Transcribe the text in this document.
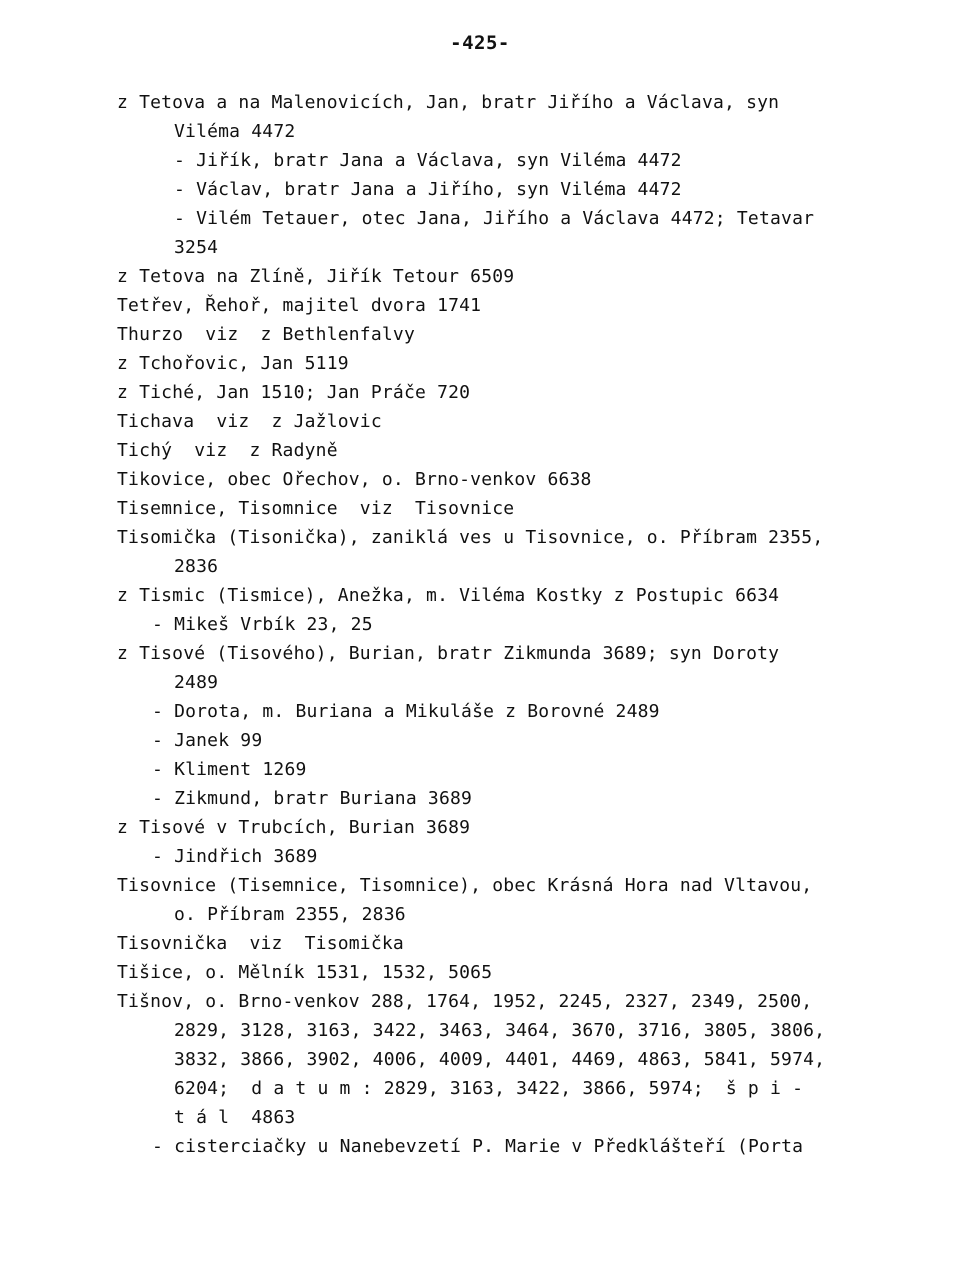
-425-
z Tetova a na Malenovicích, Jan, bratr Jiřího a Václava, syn
Viléma 4472
- Jiřík, bratr Jana a Václava, syn Viléma 4472
- Václav, bratr Jana a Jiřího, syn Viléma 4472
- Vilém Tetauer, otec Jana, Jiřího a Václava 4472; Tetavar
3254
z Tetova na Zlíně, Jiřík Tetour 6509
Tetřev, Řehoř, majitel dvora 1741
Thurzo  viz  z Bethlenfalvy
z Tchořovic, Jan 5119
z Tiché, Jan 1510; Jan Práče 720
Tichava  viz  z Jažlovic
Tichý  viz  z Radyně
Tikovice, obec Ořechov, o. Brno-venkov 6638
Tisemnice, Tisomnice  viz  Tisovnice
Tisomička (Tisonička), zaniklá ves u Tisovnice, o. Příbram 2355,
2836
z Tismic (Tismice), Anežka, m. Viléma Kostky z Postupic 6634
- Mikeš Vrbík 23, 25
z Tisové (Tisového), Burian, bratr Zikmunda 3689; syn Doroty
2489
- Dorota, m. Buriana a Mikuláše z Borovné 2489
- Janek 99
- Kliment 1269
- Zikmund, bratr Buriana 3689
z Tisové v Trubcích, Burian 3689
- Jindřich 3689
Tisovnice (Tisemnice, Tisomnice), obec Krásná Hora nad Vltavou,
o. Příbram 2355, 2836
Tisovnička  viz  Tisomička
Tišice, o. Mělník 1531, 1532, 5065
Tišnov, o. Brno-venkov 288, 1764, 1952, 2245, 2327, 2349, 2500,
2829, 3128, 3163, 3422, 3463, 3464, 3670, 3716, 3805, 3806,
3832, 3866, 3902, 4006, 4009, 4401, 4469, 4863, 5841, 5974,
6204;  d a t u m : 2829, 3163, 3422, 3866, 5974;  š p i -
t á l  4863
- cisterciačky u Nanebevzetí P. Marie v Předklášteří (Porta
